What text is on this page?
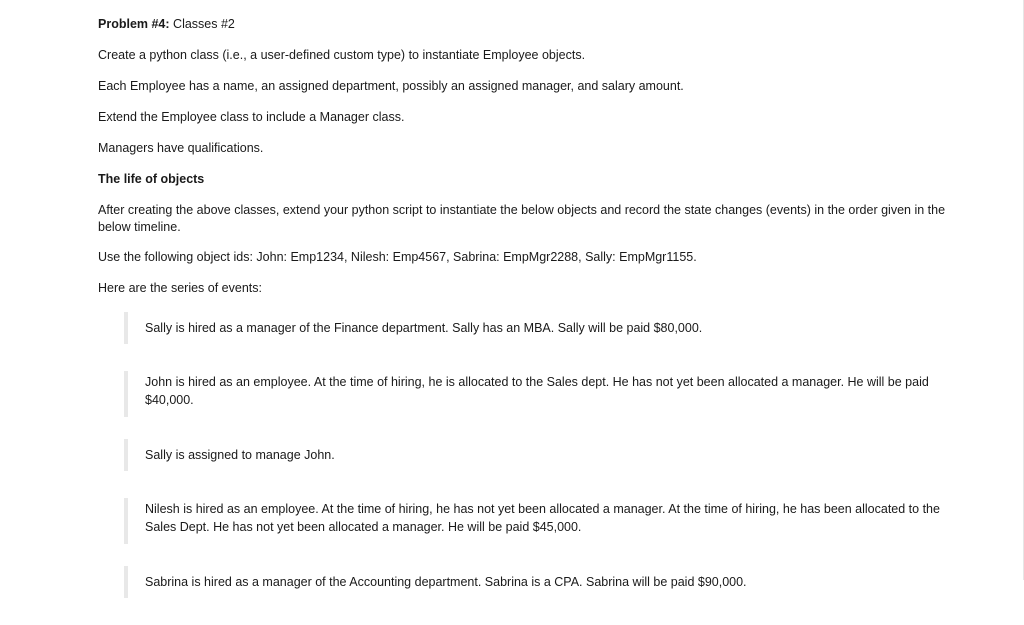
Problem #4: Classes #2

Create a python class (i.e., a user-defined custom type) to instantiate Employee objects.

Each Employee has a name, an assigned department, possibly an assigned manager, and salary amount.

Extend the Employee class to include a Manager class.

Managers have qualifications.

The life of objects

After creating the above classes, extend your python script to instantiate the below objects and record the state changes (events) in the order given in the below timeline.

Use the following object ids: John: Emp1234, Nilesh: Emp4567, Sabrina: EmpMgr2288, Sally: EmpMgr1155.

Here are the series of events:

Sally is hired as a manager of the Finance department. Sally has an MBA. Sally will be paid $80,000.
John is hired as an employee. At the time of hiring, he is allocated to the Sales dept. He has not yet been allocated a manager. He will be paid $40,000.
Sally is assigned to manage John.
Nilesh is hired as an employee. At the time of hiring, he has not yet been allocated a manager. At the time of hiring, he has been allocated to the Sales Dept. He has not yet been allocated a manager. He will be paid $45,000.
Sabrina is hired as a manager of the Accounting department. Sabrina is a CPA. Sabrina will be paid $90,000.
